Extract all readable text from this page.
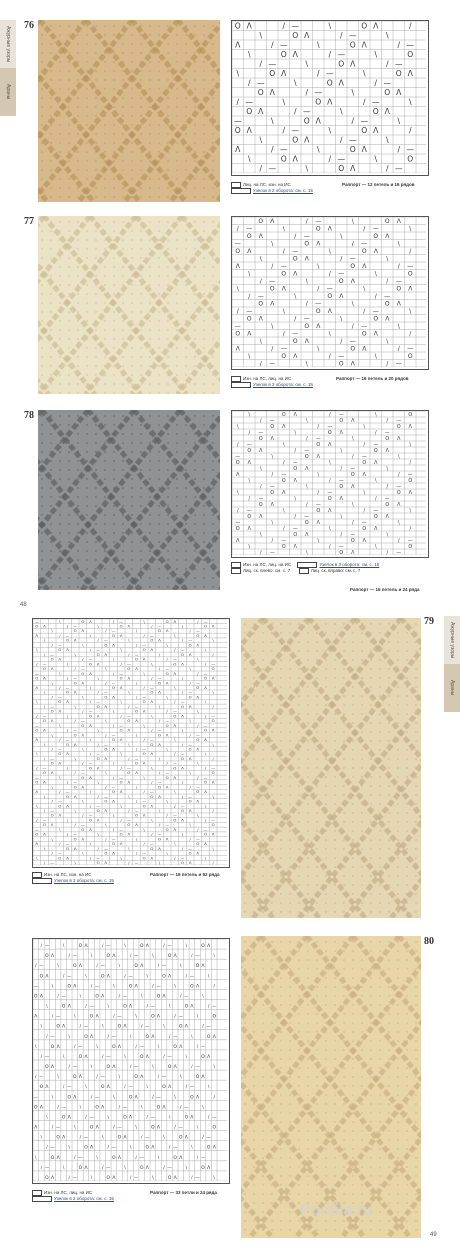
Ажурные узоры
Араны
76	O Λ	/ —	\	O Λ	/
\	O Λ	/ —	\
Λ	/ —	\	O Λ	/ —
\	O Λ	/ —	\	O
/ —	\	O Λ	/ —
\	O Λ	/ —	\	O Λ
/ —	\	O Λ	/ —
O Λ	/ —	\	O Λ
/ —	\	O Λ	/ —	\
O Λ	/ —	\	O Λ
—	\	O Λ	/ —	\
O Λ	/ —	\	O Λ	/
\	O Λ	/ —	\
Λ	/ —	\	O Λ	/ —
\	O Λ	/ —	\	O
/ —	\	O Λ	/ —
Лиц. на ЛС, изн. на ИС
Узелок в 2 оборота: см. с. 15
Раппорт — 12 петель и 16 рядов
77	O Λ	/ —	\	O Λ
/ —	\	O Λ	/ —	\
O Λ	/ —	\	O Λ
—	\	O Λ	/ —	\
O Λ	/ —	\	O Λ	/
\	O Λ	/ —	\
Λ	/ —	\	O Λ	/ —
\	O Λ	/ —	\	O
/ —	\	O Λ	/ —
\	O Λ	/ —	\	O Λ
/ —	\	O Λ	/ —
O Λ	/ —	\	O Λ
/ —	\	O Λ	/ —	\
O Λ	/ —	\	O Λ
—	\	O Λ	/ —	\
O Λ	/ —	\	O Λ	/
\	O Λ	/ —	\
Λ	/ —	\	O Λ	/ —
\	O Λ	/ —	\	O
/ —	\	O Λ	/ —
Изн. на ЛС, лиц. на ИС
Узелок в 3 оборота: см. с. 15
Раппорт — 16 петель и 20 рядов
78	\	O Λ	/ —	\	O
/ —	\	O Λ	/ —
\	O Λ	/ —	\	O Λ
/ —	\	O Λ	/ —
O Λ	/ —	\	O Λ
/ —	\	O Λ	/ —	\
O Λ	/ —	\	O Λ
—	\	O Λ	/ —	\
O Λ	/ —	\	O Λ	/
\	O Λ	/ —	\
Λ	/ —	\	O Λ	/ —
\	O Λ	/ —	\	O
/ —	\	O Λ	/ —
\	O Λ	/ —	\	O Λ
/ —	\	O Λ	/ —
O Λ	/ —	\	O Λ
/ —	\	O Λ	/ —	\
O Λ	/ —	\	O Λ
—	\	O Λ	/ —	\
O Λ	/ —	\	O Λ	/
\	O Λ	/ —	\
Λ	/ —	\	O Λ	/ —
\	O Λ	/ —	\	O
/ —	\	O Λ	/ —
Изн. на ЛС, лиц. на ИС	Узелок в 3 оборота: см. с. 15
Лиц. ск. влево: см. с. 7	Лиц. ск. вправо: см. с. 7
Раппорт — 16 петель и 24 ряда
48
Ажурные узоры
Араны
79
—	\	O Λ	/ —	\	O Λ	/ —
O Λ	/ —	\	O Λ	/ —	\	O Λ
\	O Λ	/ —	\	O Λ	/ —
Λ	/ —	\	O Λ	/ —	\	O Λ
\	O Λ	/ —	\	O Λ	/ —	\
/ —	\	O Λ	/ —	\	O Λ
\	O Λ	/ —	\	O Λ	/ —	\
/ —	\	O Λ	/ —	\	O Λ	/
O Λ	/ —	\	O Λ	/ —	\
/ —	\	O Λ	/ —	\	O Λ	/ —
O Λ	/ —	\	O Λ	/ —	\	O
—	\	O Λ	/ —	\	O Λ	/ —
O Λ	/ —	\	O Λ	/ —	\	O Λ
\	O Λ	/ —	\	O Λ	/ —
Λ	/ —	\	O Λ	/ —	\	O Λ
\	O Λ	/ —	\	O Λ	/ —	\
/ —	\	O Λ	/ —	\	O Λ
\	O Λ	/ —	\	O Λ	/ —	\
/ —	\	O Λ	/ —	\	O Λ	/
O Λ	/ —	\	O Λ	/ —	\
/ —	\	O Λ	/ —	\	O Λ	/ —
O Λ	/ —	\	O Λ	/ —	\	O
—	\	O Λ	/ —	\	O Λ	/ —
O Λ	/ —	\	O Λ	/ —	\	O Λ
\	O Λ	/ —	\	O Λ	/ —
Λ	/ —	\	O Λ	/ —	\	O Λ
\	O Λ	/ —	\	O Λ	/ —	\
/ —	\	O Λ	/ —	\	O Λ
\	O Λ	/ —	\	O Λ	/ —	\
/ —	\	O Λ	/ —	\	O Λ	/
O Λ	/ —	\	O Λ	/ —	\
/ —	\	O Λ	/ —	\	O Λ	/ —
O Λ	/ —	\	O Λ	/ —	\	O
—	\	O Λ	/ —	\	O Λ	/ —
O Λ	/ —	\	O Λ	/ —	\	O Λ
\	O Λ	/ —	\	O Λ	/ —
Λ	/ —	\	O Λ	/ —	\	O Λ
\	O Λ	/ —	\	O Λ	/ —	\
/ —	\	O Λ	/ —	\	O Λ
\	O Λ	/ —	\	O Λ	/ —	\
/ —	\	O Λ	/ —	\	O Λ	/
O Λ	/ —	\	O Λ	/ —	\
/ —	\	O Λ	/ —	\	O Λ	/ —
O Λ	/ —	\	O Λ	/ —	\	O
—	\	O Λ	/ —	\	O Λ	/ —
O Λ	/ —	\	O Λ	/ —	\	O Λ
\	O Λ	/ —	\	O Λ	/ —
Λ	/ —	\	O Λ	/ —	\	O Λ
\	O Λ	/ —	\	O Λ	/ —	\
/ —	\	O Λ	/ —	\	O Λ
\	O Λ	/ —	\	O Λ	/ —	\
/ —	\	O Λ	/ —	\	O Λ	/
Изн. на ЛС, изн. на ИС
Узелок в 2 оборота: см. с. 15
Раппорт — 18 петель и 52 ряда
80
/ —	\	O Λ	/ —	\	O Λ	/ —	\	O Λ
O Λ	/ —	\	O Λ	/ —	\	O Λ	/ —	\
/ —	\	O Λ	/ —	\	O Λ	/ —	\	O Λ
O Λ	/ —	\	O Λ	/ —	\	O Λ	/ —	\
—	\	O Λ	/ —	\	O Λ	/ —	\	O Λ	/
O Λ	/ —	\	O Λ	/ —	\	O Λ	/ —	\
\	O Λ	/ —	\	O Λ	/ —	\	O Λ	/ —
Λ	/ —	\	O Λ	/ —	\	O Λ	/ —	\	O
\	O Λ	/ —	\	O Λ	/ —	\	O Λ	/ —
/ —	\	O Λ	/ —	\	O Λ	/ —	\	O Λ
\	O Λ	/ —	\	O Λ	/ —	\	O Λ	/ —
/ —	\	O Λ	/ —	\	O Λ	/ —	\	O Λ
O Λ	/ —	\	O Λ	/ —	\	O Λ	/ —	\
/ —	\	O Λ	/ —	\	O Λ	/ —	\	O Λ
O Λ	/ —	\	O Λ	/ —	\	O Λ	/ —	\
—	\	O Λ	/ —	\	O Λ	/ —	\	O Λ	/
O Λ	/ —	\	O Λ	/ —	\	O Λ	/ —	\
\	O Λ	/ —	\	O Λ	/ —	\	O Λ	/ —
Λ	/ —	\	O Λ	/ —	\	O Λ	/ —	\	O
\	O Λ	/ —	\	O Λ	/ —	\	O Λ	/ —
/ —	\	O Λ	/ —	\	O Λ	/ —	\	O Λ
\	O Λ	/ —	\	O Λ	/ —	\	O Λ	/ —
/ —	\	O Λ	/ —	\	O Λ	/ —	\	O Λ
O Λ	/ —	\	O Λ	/ —	\	O Λ	/ —	\
Изн. на ЛС, лиц. на ИС
Узелок в 2 оборота: см. с. 15
Раппорт — 33 петли и 24 ряда
49
Postila.ru
